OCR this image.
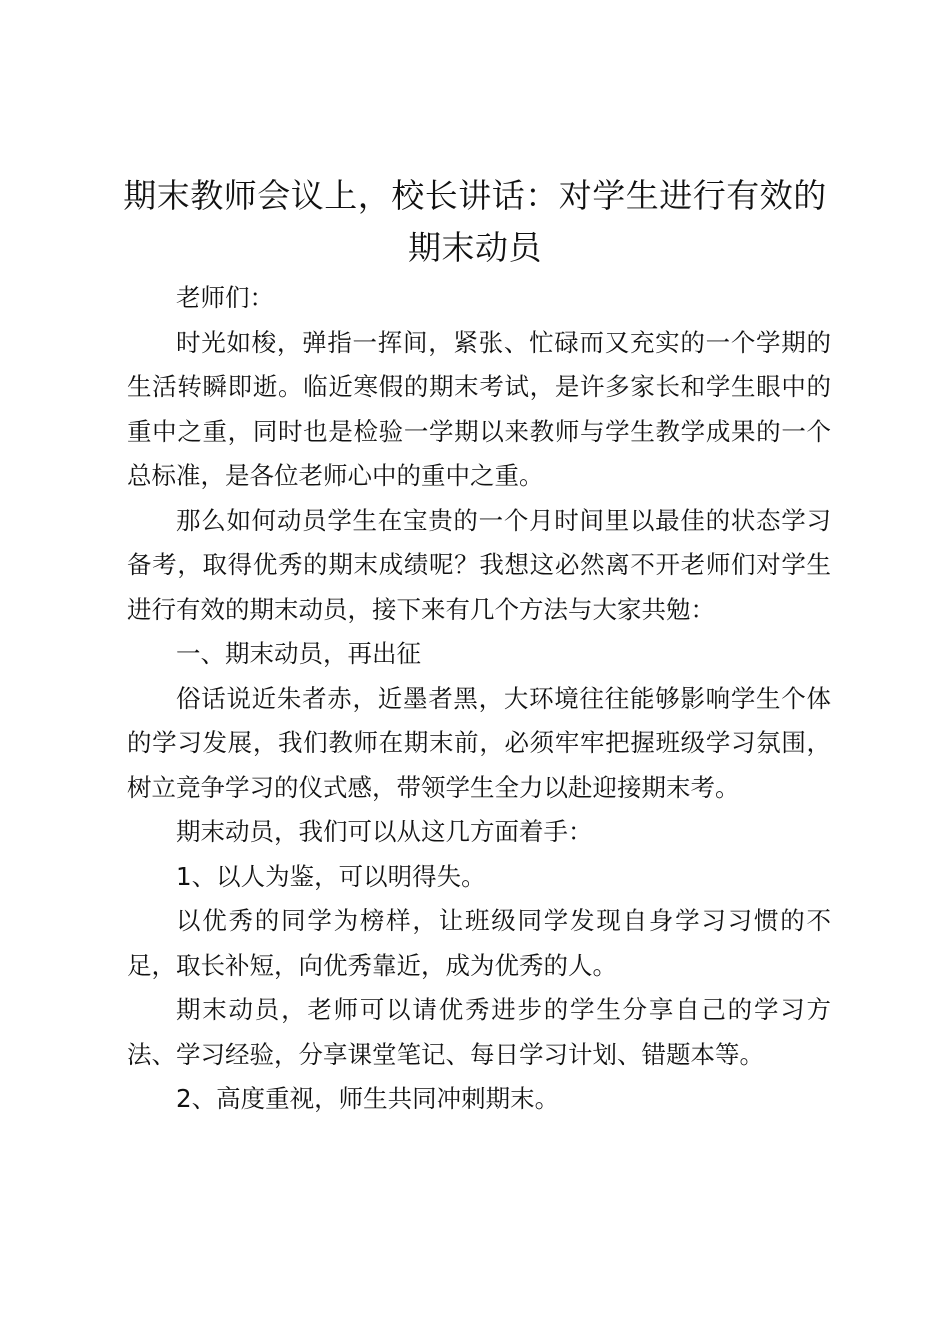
期末教师会议上，校长讲话：对学生进行有效的期末动员

老师们：

时光如梭，弹指一挥间，紧张、忙碌而又充实的一个学期的生活转瞬即逝。临近寒假的期末考试，是许多家长和学生眼中的重中之重，同时也是检验一学期以来教师与学生教学成果的一个总标准，是各位老师心中的重中之重。

那么如何动员学生在宝贵的一个月时间里以最佳的状态学习备考，取得优秀的期末成绩呢？我想这必然离不开老师们对学生进行有效的期末动员，接下来有几个方法与大家共勉：

一、期末动员，再出征

俗话说近朱者赤，近墨者黑，大环境往往能够影响学生个体的学习发展，我们教师在期末前，必须牢牢把握班级学习氛围，树立竞争学习的仪式感，带领学生全力以赴迎接期末考。

期末动员，我们可以从这几方面着手：

1、以人为鉴，可以明得失。

以优秀的同学为榜样，让班级同学发现自身学习习惯的不足，取长补短，向优秀靠近，成为优秀的人。

期末动员，老师可以请优秀进步的学生分享自己的学习方法、学习经验，分享课堂笔记、每日学习计划、错题本等。

2、高度重视，师生共同冲刺期末。
